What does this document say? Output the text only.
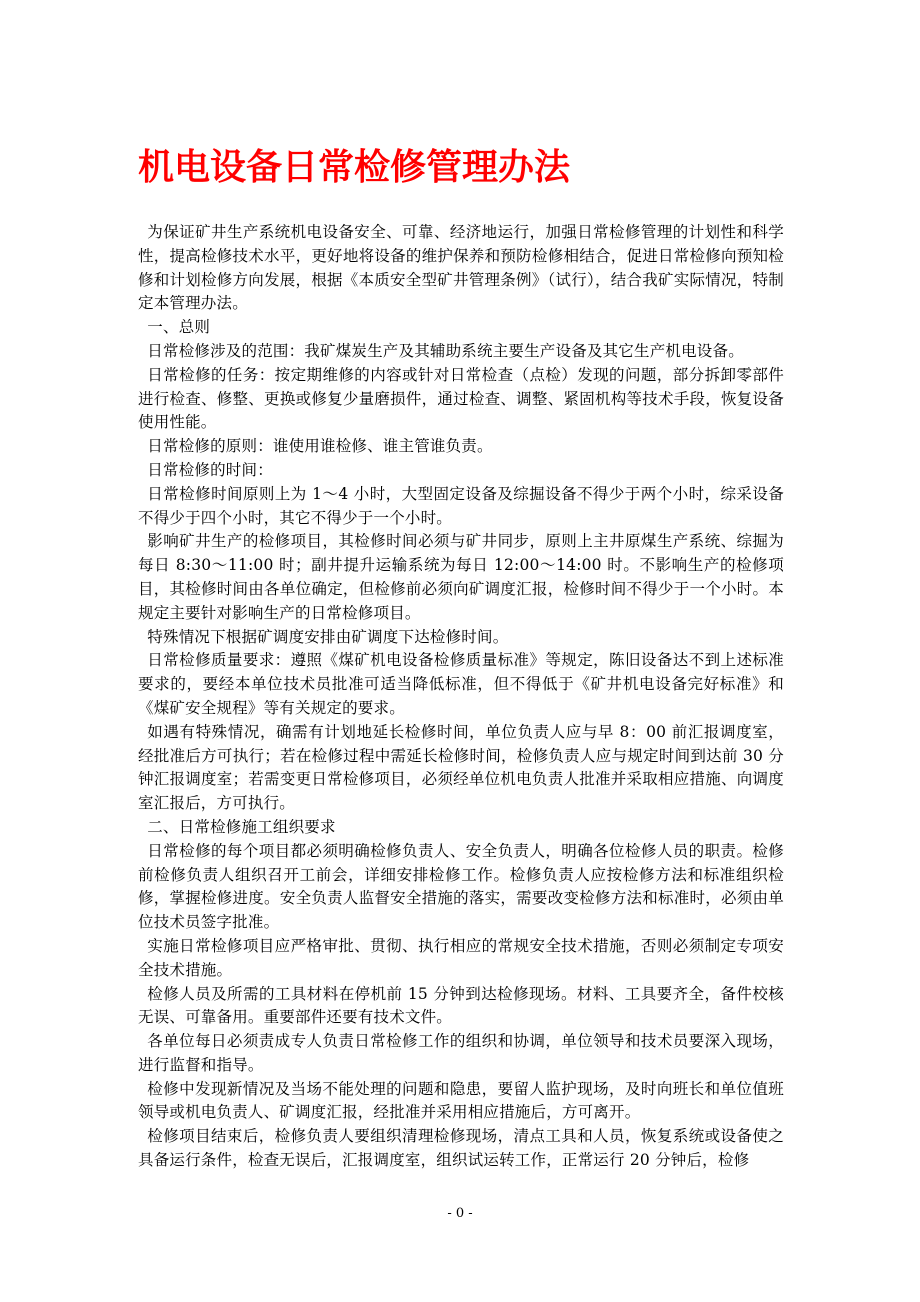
机电设备日常检修管理办法

为保证矿井生产系统机电设备安全、可靠、经济地运行，加强日常检修管理的计划性和科学性，提高检修技术水平，更好地将设备的维护保养和预防检修相结合，促进日常检修向预知检修和计划检修方向发展，根据《本质安全型矿井管理条例》（试行），结合我矿实际情况，特制定本管理办法。

一、总则

日常检修涉及的范围：我矿煤炭生产及其辅助系统主要生产设备及其它生产机电设备。

日常检修的任务：按定期维修的内容或针对日常检查（点检）发现的问题，部分拆卸零部件进行检查、修整、更换或修复少量磨损件，通过检查、调整、紧固机构等技术手段，恢复设备使用性能。

日常检修的原则：谁使用谁检修、谁主管谁负责。

日常检修的时间：

日常检修时间原则上为 1～4 小时，大型固定设备及综掘设备不得少于两个小时，综采设备不得少于四个小时，其它不得少于一个小时。

影响矿井生产的检修项目，其检修时间必须与矿井同步，原则上主井原煤生产系统、综掘为每日 8:30～11:00 时；副井提升运输系统为每日 12:00～14:00 时。不影响生产的检修项目，其检修时间由各单位确定，但检修前必须向矿调度汇报，检修时间不得少于一个小时。本规定主要针对影响生产的日常检修项目。

特殊情况下根据矿调度安排由矿调度下达检修时间。

日常检修质量要求：遵照《煤矿机电设备检修质量标准》等规定，陈旧设备达不到上述标准要求的，要经本单位技术员批准可适当降低标准，但不得低于《矿井机电设备完好标准》和《煤矿安全规程》等有关规定的要求。

如遇有特殊情况，确需有计划地延长检修时间，单位负责人应与早 8：00 前汇报调度室，经批准后方可执行；若在检修过程中需延长检修时间，检修负责人应与规定时间到达前 30 分钟汇报调度室；若需变更日常检修项目，必须经单位机电负责人批准并采取相应措施、向调度室汇报后，方可执行。

二、日常检修施工组织要求

日常检修的每个项目都必须明确检修负责人、安全负责人，明确各位检修人员的职责。检修前检修负责人组织召开工前会，详细安排检修工作。检修负责人应按检修方法和标准组织检修，掌握检修进度。安全负责人监督安全措施的落实，需要改变检修方法和标准时，必须由单位技术员签字批准。

实施日常检修项目应严格审批、贯彻、执行相应的常规安全技术措施，否则必须制定专项安全技术措施。

检修人员及所需的工具材料在停机前 15 分钟到达检修现场。材料、工具要齐全，备件校核无误、可靠备用。重要部件还要有技术文件。

各单位每日必须责成专人负责日常检修工作的组织和协调，单位领导和技术员要深入现场，进行监督和指导。

检修中发现新情况及当场不能处理的问题和隐患，要留人监护现场，及时向班长和单位值班领导或机电负责人、矿调度汇报，经批准并采用相应措施后，方可离开。

检修项目结束后，检修负责人要组织清理检修现场，清点工具和人员，恢复系统或设备使之具备运行条件，检查无误后，汇报调度室，组织试运转工作，正常运行 20 分钟后，检修

- 0 -
